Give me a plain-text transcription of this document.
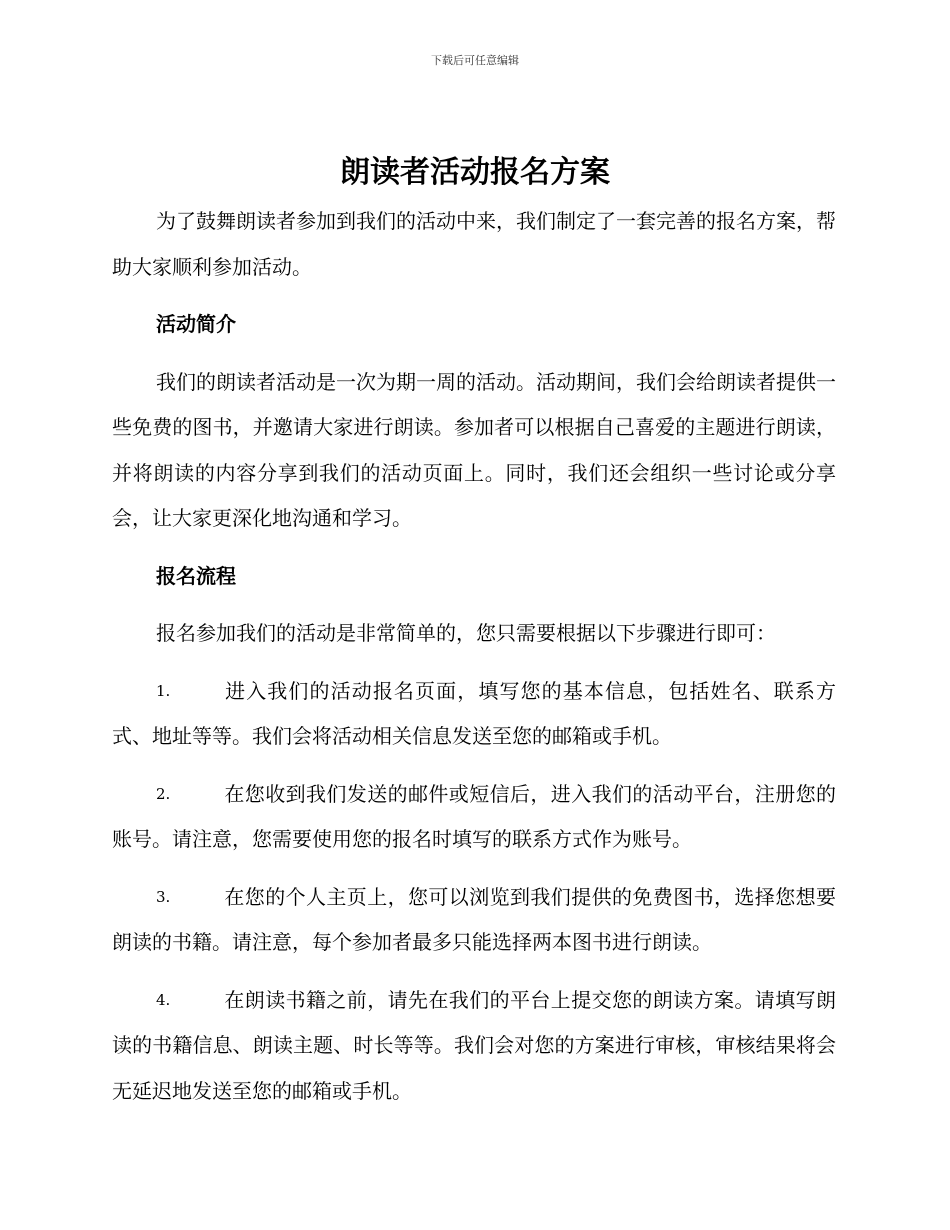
下载后可任意编辑
朗读者活动报名方案

为了鼓舞朗读者参加到我们的活动中来，我们制定了一套完善的报名方案，帮助大家顺利参加活动。

活动简介

我们的朗读者活动是一次为期一周的活动。活动期间，我们会给朗读者提供一些免费的图书，并邀请大家进行朗读。参加者可以根据自己喜爱的主题进行朗读，并将朗读的内容分享到我们的活动页面上。同时，我们还会组织一些讨论或分享会，让大家更深化地沟通和学习。

报名流程

报名参加我们的活动是非常简单的，您只需要根据以下步骤进行即可：

1.	进入我们的活动报名页面，填写您的基本信息，包括姓名、联系方式、地址等等。我们会将活动相关信息发送至您的邮箱或手机。

2.	在您收到我们发送的邮件或短信后，进入我们的活动平台，注册您的账号。请注意，您需要使用您的报名时填写的联系方式作为账号。

3.	在您的个人主页上，您可以浏览到我们提供的免费图书，选择您想要朗读的书籍。请注意，每个参加者最多只能选择两本图书进行朗读。

4.	在朗读书籍之前，请先在我们的平台上提交您的朗读方案。请填写朗读的书籍信息、朗读主题、时长等等。我们会对您的方案进行审核，审核结果将会无延迟地发送至您的邮箱或手机。
